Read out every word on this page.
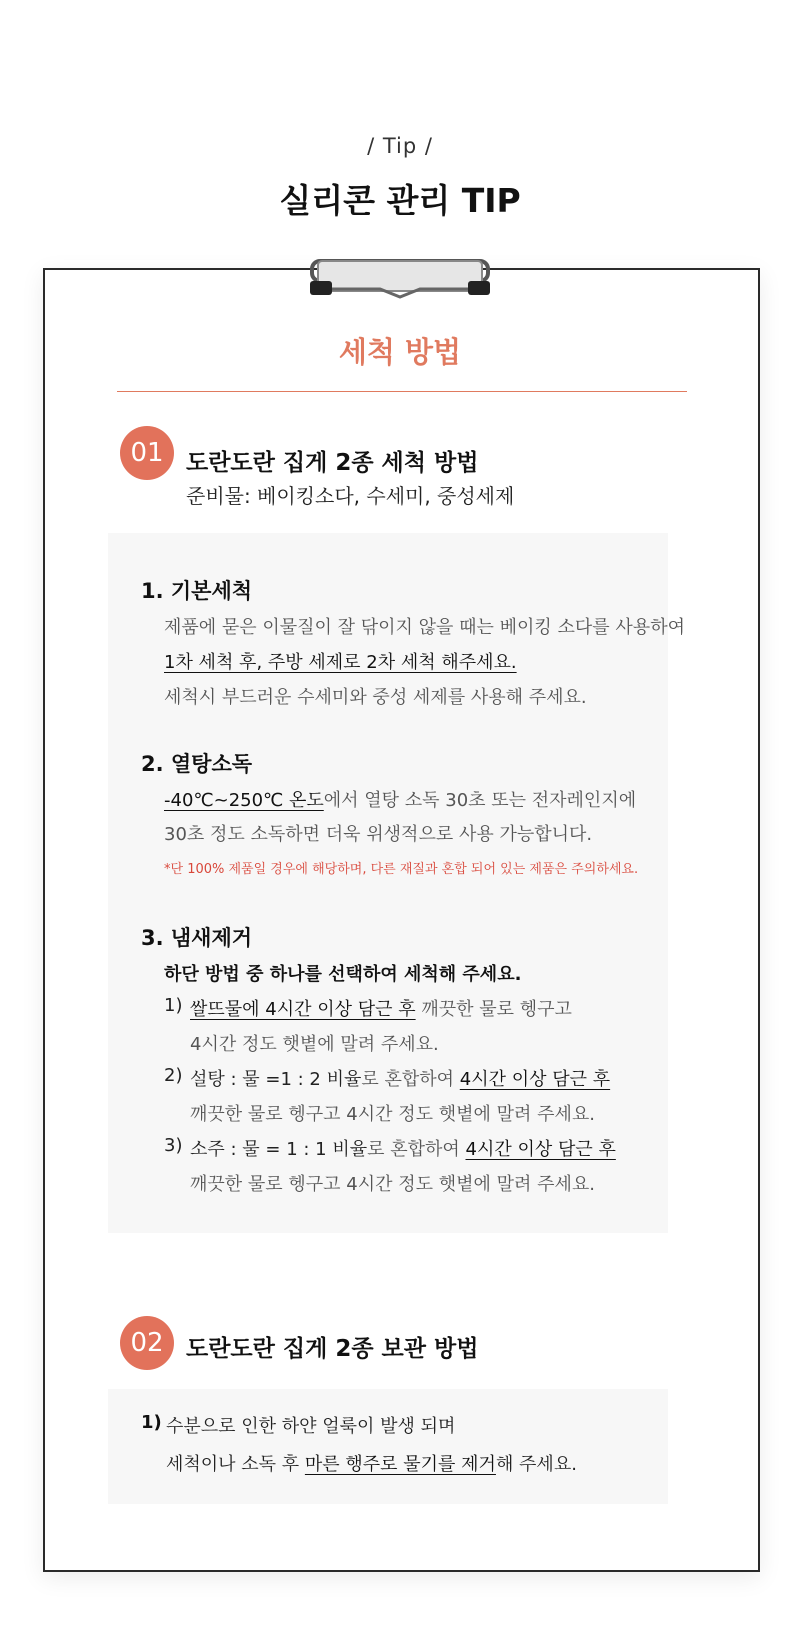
/ Tip /
실리콘 관리 TIP
세척 방법
01 도란도란 집게 2종 세척 방법
준비물: 베이킹소다, 수세미, 중성세제
1. 기본세척
제품에 묻은 이물질이 잘 닦이지 않을 때는 베이킹 소다를 사용하여
1차 세척 후, 주방 세제로 2차 세척 해주세요.
세척시 부드러운 수세미와 중성 세제를 사용해 주세요.
2. 열탕소독
-40℃~250℃ 온도에서 열탕 소독 30초 또는 전자레인지에
30초 정도 소독하면 더욱 위생적으로 사용 가능합니다.
*단 100% 제품일 경우에 해당하며, 다른 재질과 혼합 되어 있는 제품은 주의하세요.
3. 냄새제거
하단 방법 중 하나를 선택하여 세척해 주세요.
1) 쌀뜨물에 4시간 이상 담근 후 깨끗한 물로 헹구고
4시간 정도 햇볕에 말려 주세요.
2) 설탕 : 물 =1 : 2 비율로 혼합하여 4시간 이상 담근 후
깨끗한 물로 헹구고 4시간 정도 햇볕에 말려 주세요.
3) 소주 : 물 = 1 : 1 비율로 혼합하여 4시간 이상 담근 후
깨끗한 물로 헹구고 4시간 정도 햇볕에 말려 주세요.
02 도란도란 집게 2종 보관 방법
1) 수분으로 인한 하얀 얼룩이 발생 되며
세척이나 소독 후 마른 행주로 물기를 제거해 주세요.
